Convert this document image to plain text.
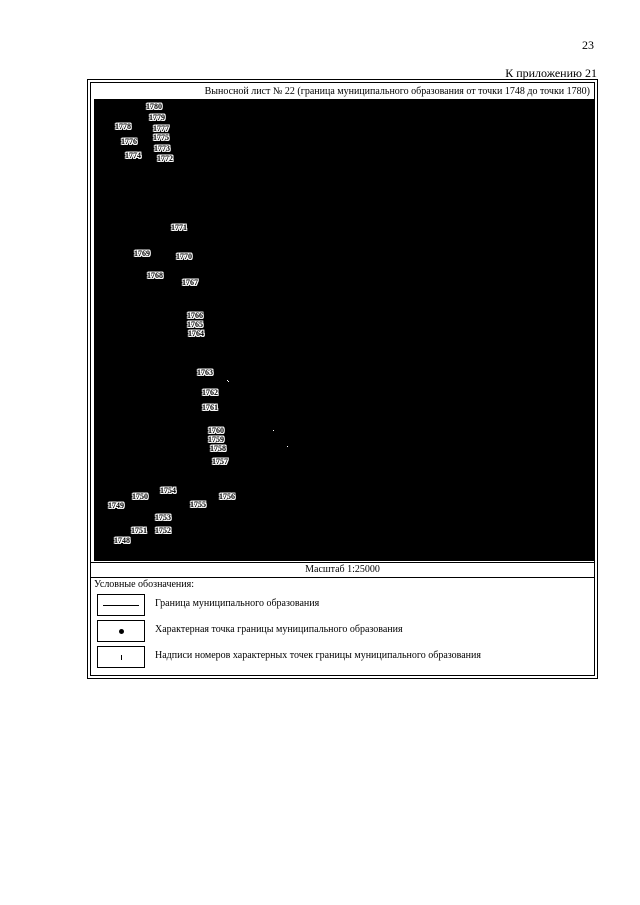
23
К приложению 21
Выносной лист № 22 (граница муниципального образования от точки 1748 до точки 1780)
1780
1779
1778	1777
1776 1775
1773
1774 1772
1771
1769	1770
1768
1767
1766
1765
1764
1763
1762
1761
1760
1759
1758
1757
1754
1756
1750
1749	1755
1753
1751 1752
1748
Масштаб 1:25000
Условные обозначения:
Граница муниципального образования
Характерная точка границы муниципального образования
Надписи номеров характерных точек границы муниципального образования
